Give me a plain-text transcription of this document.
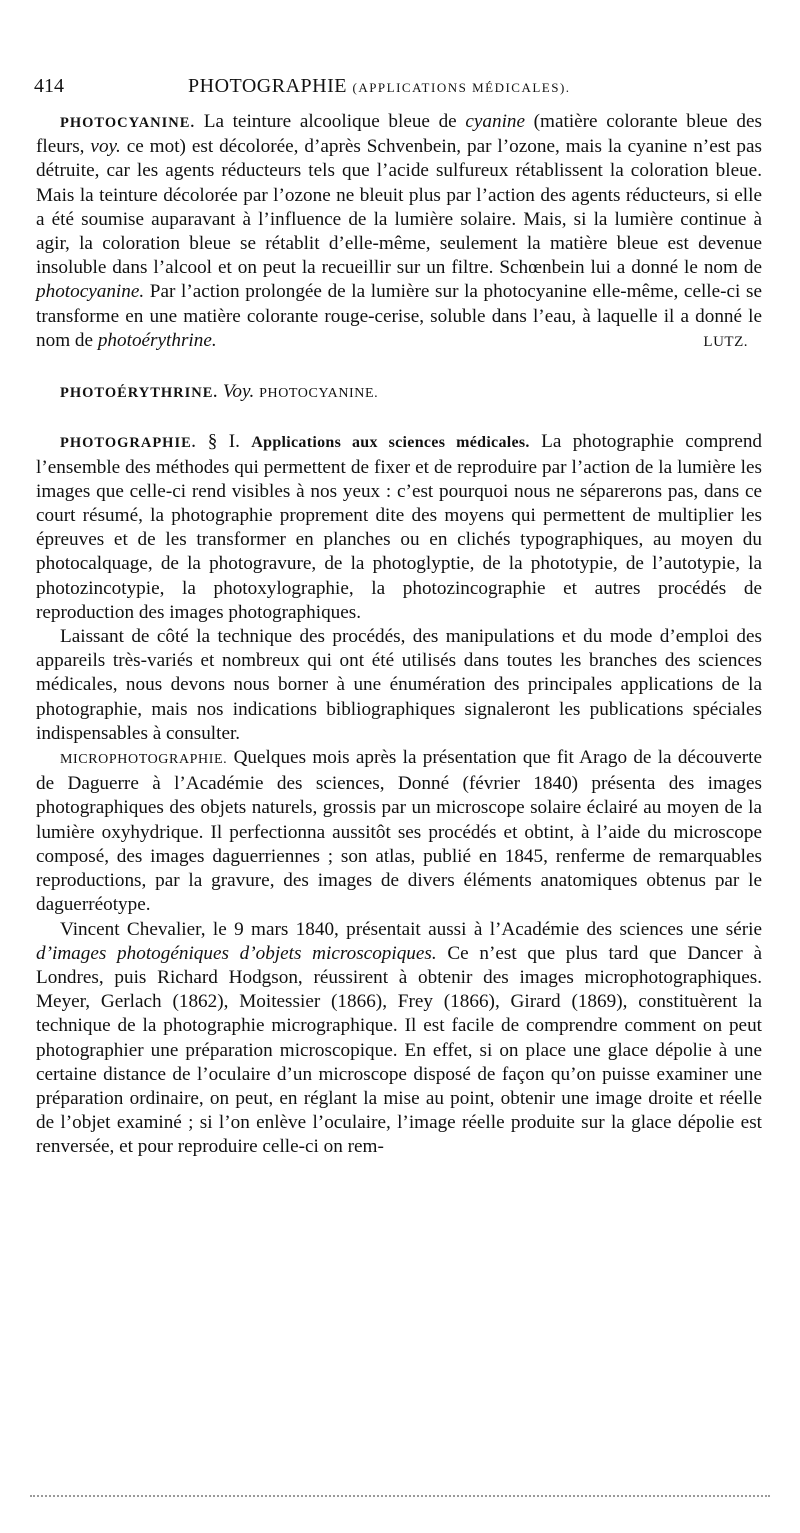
414	PHOTOGRAPHIE (APPLICATIONS MÉDICALES).

PHOTOCYANINE. La teinture alcoolique bleue de cyanine (matière colorante bleue des fleurs, voy. ce mot) est décolorée, d’après Schvenbein, par l’ozone, mais la cyanine n’est pas détruite, car les agents réducteurs tels que l’acide sulfureux rétablissent la coloration bleue. Mais la teinture décolorée par l’ozone ne bleuit plus par l’action des agents réducteurs, si elle a été soumise auparavant à l’influence de la lumière solaire. Mais, si la lumière continue à agir, la coloration bleue se rétablit d’elle-même, seulement la matière bleue est devenue insoluble dans l’alcool et on peut la recueillir sur un filtre. Schœnbein lui a donné le nom de photocyanine. Par l’action prolongée de la lumière sur la photocyanine elle-même, celle-ci se transforme en une matière colorante rouge-cerise, soluble dans l’eau, à laquelle il a donné le nom de photoérythrine.	LUTZ.

PHOTOÉRYTHRINE. Voy. PHOTOCYANINE.

PHOTOGRAPHIE. § I. Applications aux sciences médicales. La photographie comprend l’ensemble des méthodes qui permettent de fixer et de reproduire par l’action de la lumière les images que celle-ci rend visibles à nos yeux : c’est pourquoi nous ne séparerons pas, dans ce court résumé, la photographie proprement dite des moyens qui permettent de multiplier les épreuves et de les transformer en planches ou en clichés typographiques, au moyen du photocalquage, de la photogravure, de la photoglyptie, de la phototypie, de l’autotypie, la photozincotypie, la photoxylographie, la photozincographie et autres procédés de reproduction des images photographiques.

Laissant de côté la technique des procédés, des manipulations et du mode d’emploi des appareils très-variés et nombreux qui ont été utilisés dans toutes les branches des sciences médicales, nous devons nous borner à une énumération des principales applications de la photographie, mais nos indications bibliographiques signaleront les publications spéciales indispensables à consulter.

MICROPHOTOGRAPHIE. Quelques mois après la présentation que fit Arago de la découverte de Daguerre à l’Académie des sciences, Donné (février 1840) présenta des images photographiques des objets naturels, grossis par un microscope solaire éclairé au moyen de la lumière oxyhydrique. Il perfectionna aussitôt ses procédés et obtint, à l’aide du microscope composé, des images daguerriennes ; son atlas, publié en 1845, renferme de remarquables reproductions, par la gravure, des images de divers éléments anatomiques obtenus par le daguerréotype.

Vincent Chevalier, le 9 mars 1840, présentait aussi à l’Académie des sciences une série d’images photogéniques d’objets microscopiques. Ce n’est que plus tard que Dancer à Londres, puis Richard Hodgson, réussirent à obtenir des images microphotographiques. Meyer, Gerlach (1862), Moitessier (1866), Frey (1866), Girard (1869), constituèrent la technique de la photographie micrographique. Il est facile de comprendre comment on peut photographier une préparation microscopique. En effet, si on place une glace dépolie à une certaine distance de l’oculaire d’un microscope disposé de façon qu’on puisse examiner une préparation ordinaire, on peut, en réglant la mise au point, obtenir une image droite et réelle de l’objet examiné ; si l’on enlève l’oculaire, l’image réelle produite sur la glace dépolie est renversée, et pour reproduire celle-ci on rem-
